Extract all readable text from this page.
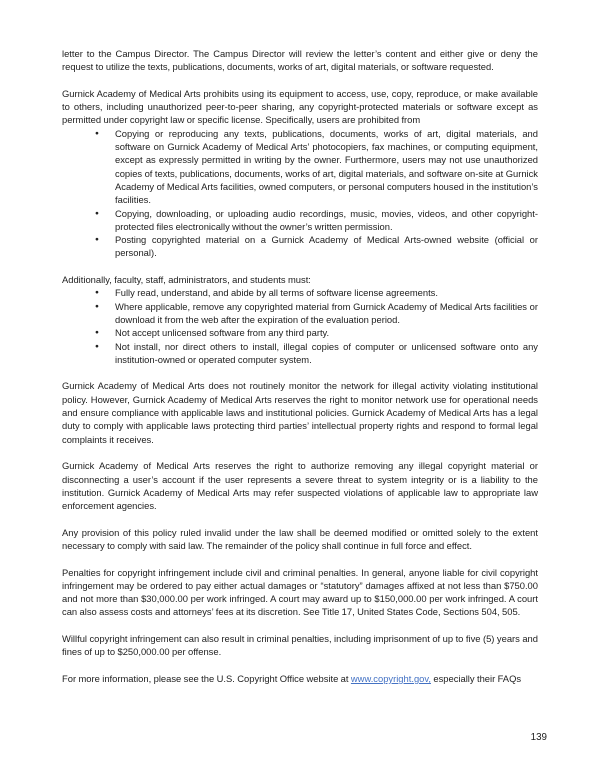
letter to the Campus Director. The Campus Director will review the letter’s content and either give or deny the request to utilize the texts, publications, documents, works of art, digital materials, or software requested.

Gurnick Academy of Medical Arts prohibits using its equipment to access, use, copy, reproduce, or make available to others, including unauthorized peer-to-peer sharing, any copyright-protected materials or software except as permitted under copyright law or specific license. Specifically, users are prohibited from

● Copying or reproducing any texts, publications, documents, works of art, digital materials, and software on Gurnick Academy of Medical Arts’ photocopiers, fax machines, or computing equipment, except as expressly permitted in writing by the owner. Furthermore, users may not use unauthorized copies of texts, publications, documents, works of art, digital materials, and software on-site at Gurnick Academy of Medical Arts facilities, owned computers, or personal computers housed in the institution’s facilities.
● Copying, downloading, or uploading audio recordings, music, movies, videos, and other copyright-protected files electronically without the owner’s written permission.
● Posting copyrighted material on a Gurnick Academy of Medical Arts-owned website (official or personal).

Additionally, faculty, staff, administrators, and students must:

● Fully read, understand, and abide by all terms of software license agreements.
● Where applicable, remove any copyrighted material from Gurnick Academy of Medical Arts facilities or download it from the web after the expiration of the evaluation period.
● Not accept unlicensed software from any third party.
● Not install, nor direct others to install, illegal copies of computer or unlicensed software onto any institution-owned or operated computer system.

Gurnick Academy of Medical Arts does not routinely monitor the network for illegal activity violating institutional policy. However, Gurnick Academy of Medical Arts reserves the right to monitor network use for operational needs and ensure compliance with applicable laws and institutional policies. Gurnick Academy of Medical Arts has a legal duty to comply with applicable laws protecting third parties’ intellectual property rights and respond to formal legal complaints it receives.

Gurnick Academy of Medical Arts reserves the right to authorize removing any illegal copyright material or disconnecting a user’s account if the user represents a severe threat to system integrity or is a liability to the institution. Gurnick Academy of Medical Arts may refer suspected violations of applicable law to appropriate law enforcement agencies.

Any provision of this policy ruled invalid under the law shall be deemed modified or omitted solely to the extent necessary to comply with said law. The remainder of the policy shall continue in full force and effect.

Penalties for copyright infringement include civil and criminal penalties. In general, anyone liable for civil copyright infringement may be ordered to pay either actual damages or “statutory” damages affixed at not less than $750.00 and not more than $30,000.00 per work infringed. A court may award up to $150,000.00 per work infringed. A court can also assess costs and attorneys’ fees at its discretion. See Title 17, United States Code, Sections 504, 505.

Willful copyright infringement can also result in criminal penalties, including imprisonment of up to five (5) years and fines of up to $250,000.00 per offense.

For more information, please see the U.S. Copyright Office website at www.copyright.gov, especially their FAQs

139
